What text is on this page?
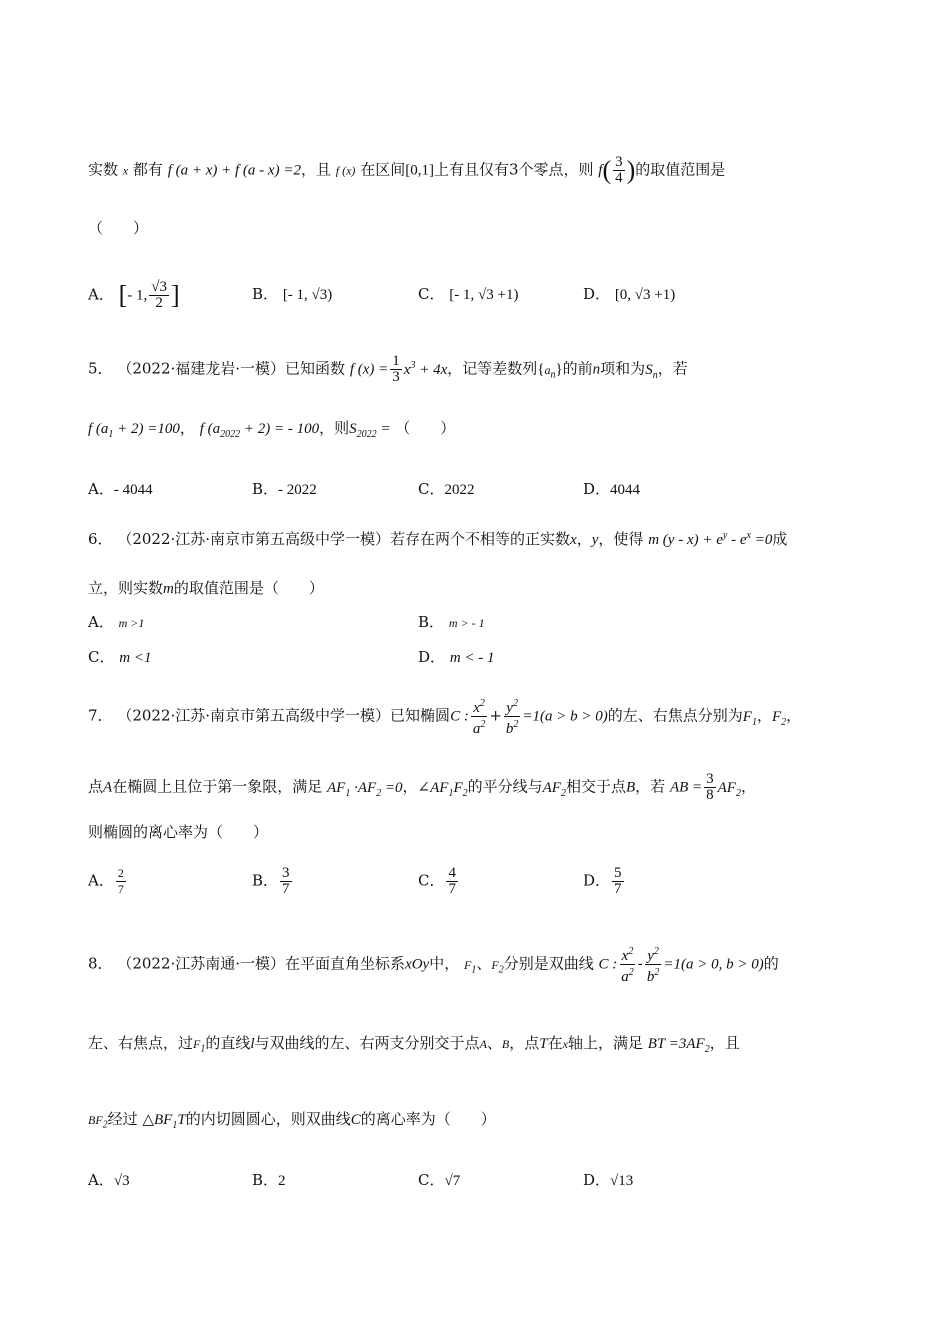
实数 x 都有 f (a + x) + f (a - x) =2，且 f (x) 在区间[0,1]上有且仅有3个零点，则 $f( \frac{3}{4}$ )的取值范围是
（　　）
A． [- 1, $\frac{√3}{2}$ ]	B． [- 1, √3)	C． [- 1, √3 +1)	D． [0, √3 +1)
5． （2022·福建龙岩·一模）已知函数 f $(x) = \frac{1}{3} x^3 + 4x$，记等差数列$\{a_n\}$的前n项和为$S_n$，若
f $(a_1 + 2) =100$， f $(a_{2022} + 2)$ = - 100，则$S_{2022}$ = （　　）
A．- 4044	B．- 2022	C．2022	D．4044
6． （2022·江苏·南京市第五高级中学一模）若存在两个不相等的正实数x，y，使得 m $(y - x) + e^y - e^x =0$成
立，则实数m的取值范围是（　　）
A． m >1	B． m > - 1
C． m <1	D． m < - 1
7． （2022·江苏·南京市第五高级中学一模）已知椭圆C : $\frac{x^2}{a^2} + \frac{y^2}{b^2} =1(a > b > 0)$的左、右焦点分别为$F_1$，$F_2$，
点A在椭圆上且位于第一象限，满足 $AF_1 \cdot AF_2 =0$，$\angle AF_1F_2$的平分线与$AF_2$相交于点B，若 AB = $\frac{3}{8} AF_2$，
则椭圆的离心率为（　　）
A． $\frac{2}{7}$	B． $\frac{3}{7}$	C． $\frac{4}{7}$	D． $\frac{5}{7}$
8． （2022·江苏南通·一模）在平面直角坐标系xOy中， $F_1$、$F_2$分别是双曲线 C : $\frac{x^2}{a^2} - \frac{y^2}{b^2} =1(a > 0$, b > 0)的
左、右焦点，过$F_1$的直线l与双曲线的左、右两支分别交于点A、B，点T在x轴上，满足 BT $=3AF_2$，且
$BF_2$经过 $\triangle BF_1T$的内切圆圆心，则双曲线C的离心率为（　　）
A．√3	B．2	C．√7	D．√13
